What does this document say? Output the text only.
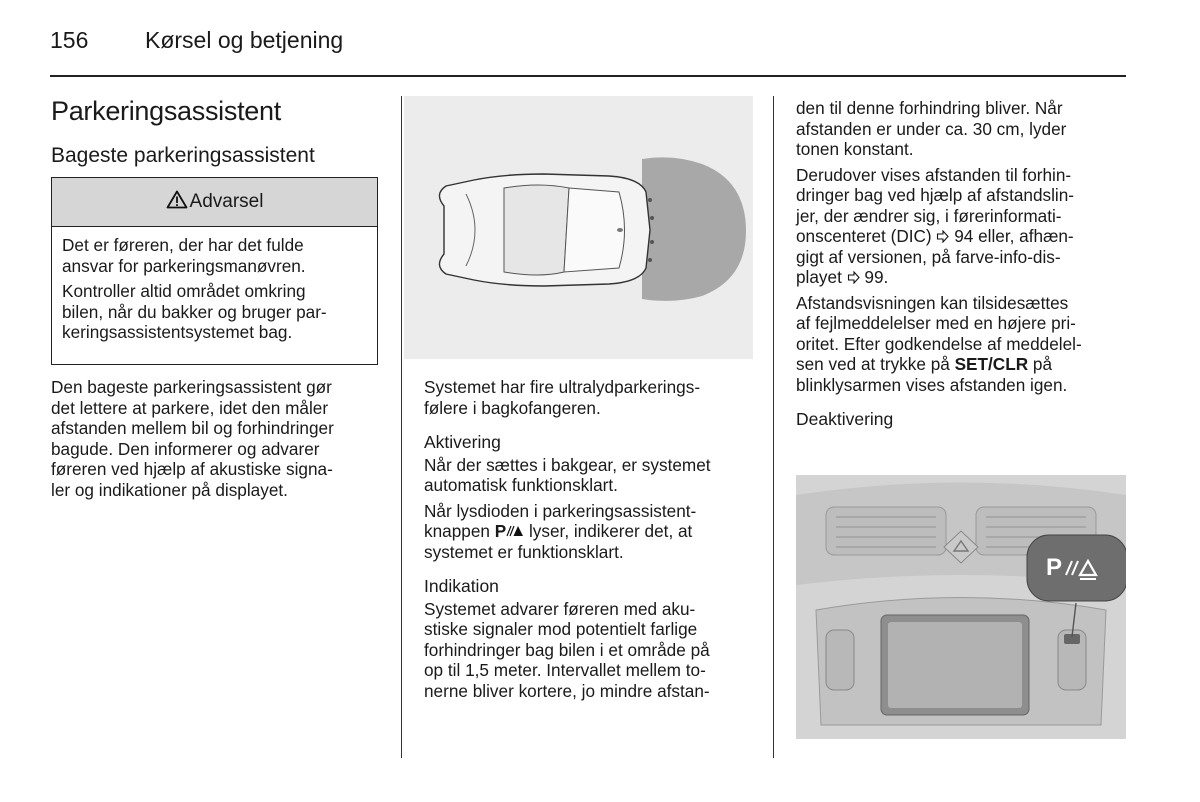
156 Kørsel og betjening
Parkeringsassistent
Bageste parkeringsassistent
Advarsel

Det er føreren, der har det fulde
ansvar for parkeringsmanøvren.

Kontroller altid området omkring
bilen, når du bakker og bruger par-
keringsassistentsystemet bag.

Den bageste parkeringsassistent gør
det lettere at parkere, idet den måler
afstanden mellem bil og forhindringer
bagude. Den informerer og advarer
føreren ved hjælp af akustiske signa-
ler og indikationer på displayet.

Systemet har fire ultralydparkerings-
følere i bagkofangeren.

Aktivering

Når der sættes i bakgear, er systemet
automatisk funktionsklart.

Når lysdioden i parkeringsassistent-
knappen P lyser, indikerer det, at
systemet er funktionsklart.

Indikation

Systemet advarer føreren med aku-
stiske signaler mod potentielt farlige
forhindringer bag bilen i et område på
op til 1,5 meter. Intervallet mellem to-
nerne bliver kortere, jo mindre afstan-

den til denne forhindring bliver. Når
afstanden er under ca. 30 cm, lyder
tonen konstant.

Derudover vises afstanden til forhin-
dringer bag ved hjælp af afstandslin-
jer, der ændrer sig, i førerinformati-
onscenteret (DIC)  94 eller, afhæn-
gigt af versionen, på farve-info-dis-
playet  99.

Afstandsvisningen kan tilsidesættes
af fejlmeddelelser med en højere pri-
oritet. Efter godkendelse af meddelel-
sen ved at trykke på SET/CLR på
blinklysarmen vises afstanden igen.

Deaktivering
P
